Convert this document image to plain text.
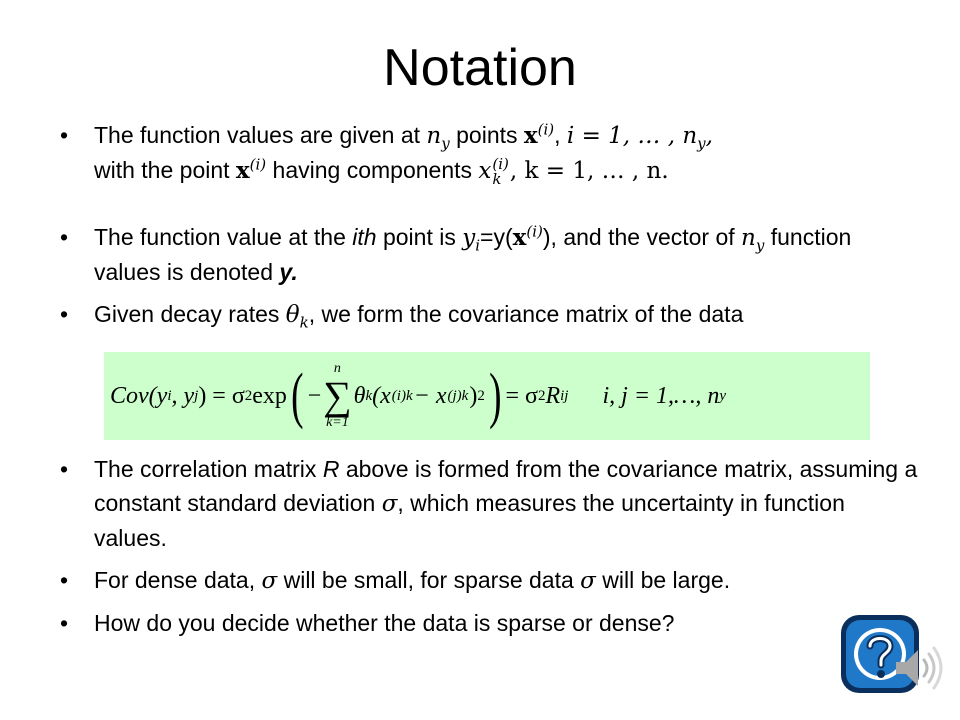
Notation
• The function values are given at $n_y$ points $x^{(i)}$, i = 1, … , $n_y$,
with the point $x^{(i)}$ having components x (i)
k , k = 1, … , n.
• The function value at the ith point is $y_i=y(x^{(i)})$, and the vector of $n_y$ function values is denoted y.
• Given decay rates $\theta_k$, we form the covariance matrix of the data
Cov(y i , y j ) = σ 2 exp ( −
n
∑
k=1
θ k (x (i)k − x (j)k ) 2 ) = σ 2 R ij i, j = 1,…, n y
• The correlation matrix R above is formed from the covariance matrix, assuming a constant standard deviation σ, which measures the uncertainty in function values.
• For dense data, σ will be small, for sparse data σ will be large.
• How do you decide whether the data is sparse or dense?
